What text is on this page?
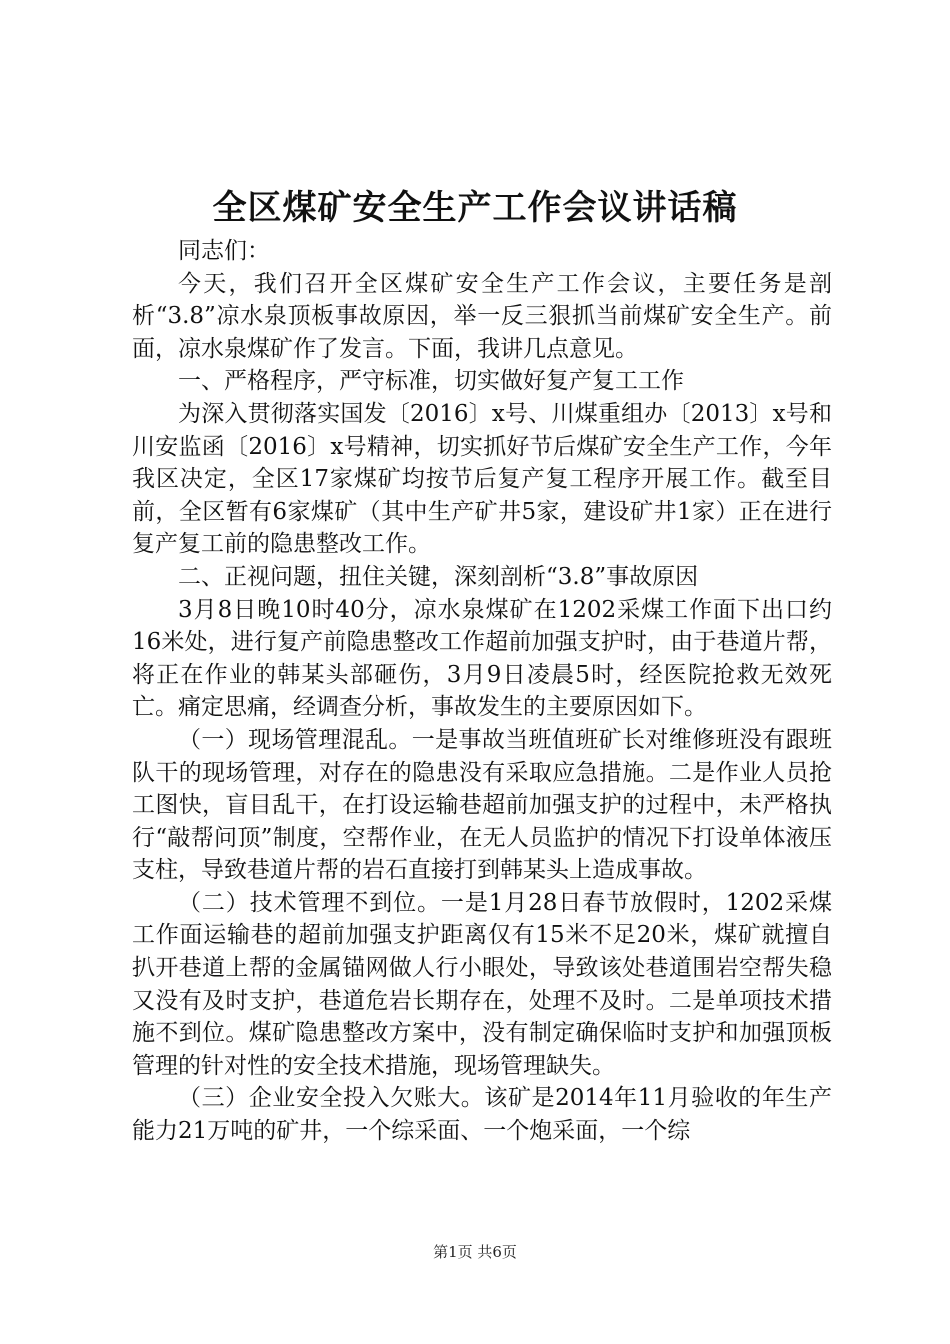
全区煤矿安全生产工作会议讲话稿

同志们：

今天，我们召开全区煤矿安全生产工作会议，主要任务是剖析“3.8”凉水泉顶板事故原因，举一反三狠抓当前煤矿安全生产。前面，凉水泉煤矿作了发言。下面，我讲几点意见。

一、严格程序，严守标准，切实做好复产复工工作

为深入贯彻落实国发〔2016〕x号、川煤重组办〔2013〕x号和川安监函〔2016〕x号精神，切实抓好节后煤矿安全生产工作，今年我区决定，全区17家煤矿均按节后复产复工程序开展工作。截至目前，全区暂有6家煤矿（其中生产矿井5家，建设矿井1家）正在进行复产复工前的隐患整改工作。

二、正视问题，扭住关键，深刻剖析“3.8”事故原因

3月8日晚10时40分，凉水泉煤矿在1202采煤工作面下出口约16米处，进行复产前隐患整改工作超前加强支护时，由于巷道片帮，将正在作业的韩某头部砸伤，3月9日凌晨5时，经医院抢救无效死亡。痛定思痛，经调查分析，事故发生的主要原因如下。

（一）现场管理混乱。一是事故当班值班矿长对维修班没有跟班队干的现场管理，对存在的隐患没有采取应急措施。二是作业人员抢工图快，盲目乱干，在打设运输巷超前加强支护的过程中，未严格执行“敲帮问顶”制度，空帮作业，在无人员监护的情况下打设单体液压支柱，导致巷道片帮的岩石直接打到韩某头上造成事故。

（二）技术管理不到位。一是1月28日春节放假时，1202采煤工作面运输巷的超前加强支护距离仅有15米不足20米，煤矿就擅自扒开巷道上帮的金属锚网做人行小眼处，导致该处巷道围岩空帮失稳又没有及时支护，巷道危岩长期存在，处理不及时。二是单项技术措施不到位。煤矿隐患整改方案中，没有制定确保临时支护和加强顶板管理的针对性的安全技术措施，现场管理缺失。

（三）企业安全投入欠账大。该矿是2014年11月验收的年生产能力21万吨的矿井，一个综采面、一个炮采面，一个综

第1页 共6页
